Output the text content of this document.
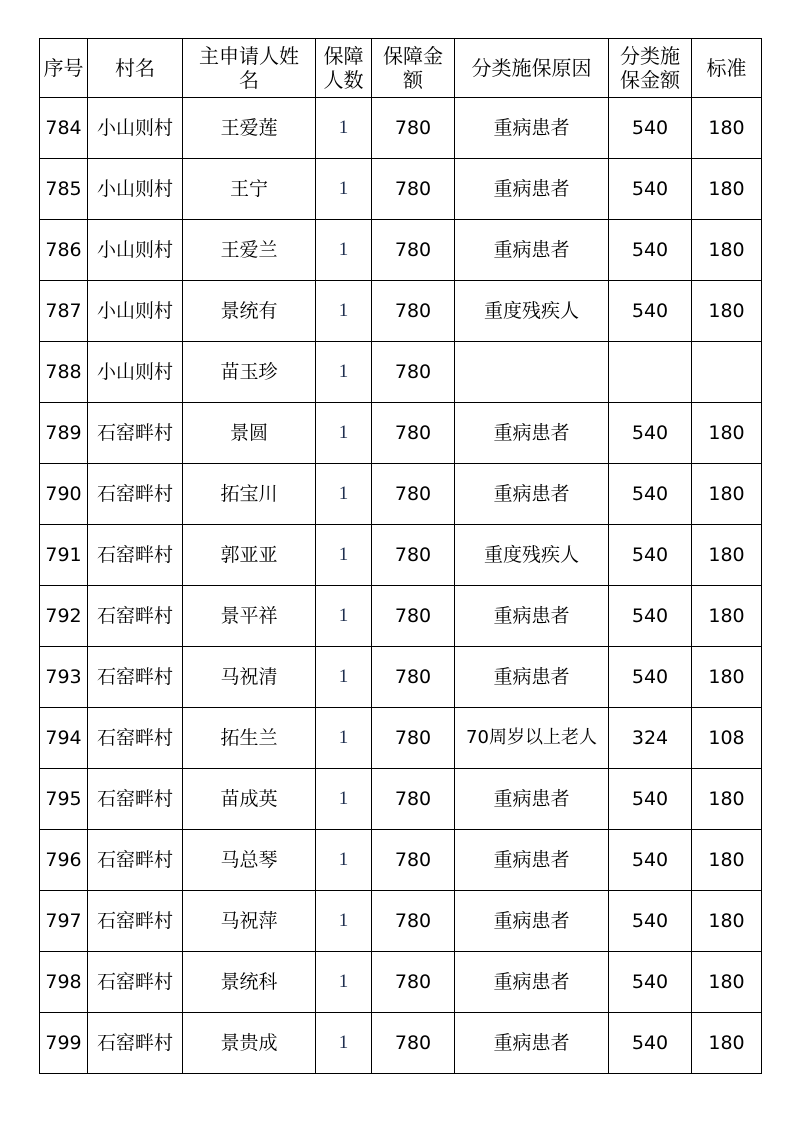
序号	村名	主申请人姓名	保障人数	保障金额	分类施保原因	分类施保金额	标准
784	小山则村	王爱莲	1	780	重病患者	540	180
785	小山则村	王宁	1	780	重病患者	540	180
786	小山则村	王爱兰	1	780	重病患者	540	180
787	小山则村	景统有	1	780	重度残疾人	540	180
788	小山则村	苗玉珍	1	780			
789	石窑畔村	景圆	1	780	重病患者	540	180
790	石窑畔村	拓宝川	1	780	重病患者	540	180
791	石窑畔村	郭亚亚	1	780	重度残疾人	540	180
792	石窑畔村	景平祥	1	780	重病患者	540	180
793	石窑畔村	马祝清	1	780	重病患者	540	180
794	石窑畔村	拓生兰	1	780	70周岁以上老人	324	108
795	石窑畔村	苗成英	1	780	重病患者	540	180
796	石窑畔村	马总琴	1	780	重病患者	540	180
797	石窑畔村	马祝萍	1	780	重病患者	540	180
798	石窑畔村	景统科	1	780	重病患者	540	180
799	石窑畔村	景贵成	1	780	重病患者	540	180
